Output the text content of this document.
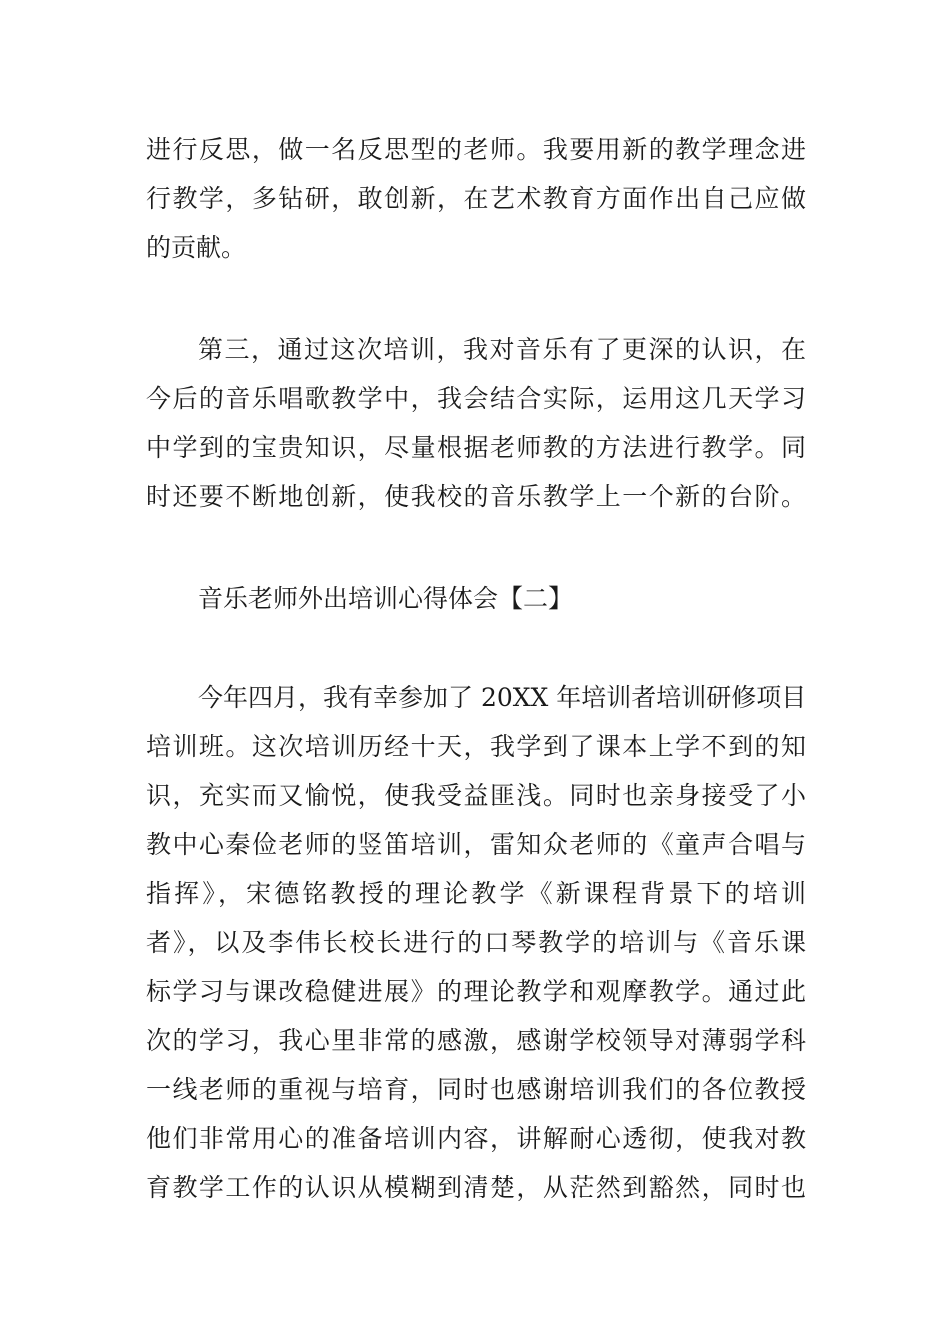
进行反思，做一名反思型的老师。我要用新的教学理念进
行教学，多钻研，敢创新，在艺术教育方面作出自己应做
的贡献。
第三，通过这次培训，我对音乐有了更深的认识，在
今后的音乐唱歌教学中，我会结合实际，运用这几天学习
中学到的宝贵知识，尽量根据老师教的方法进行教学。同
时还要不断地创新，使我校的音乐教学上一个新的台阶。
音乐老师外出培训心得体会【二】
今年四月，我有幸参加了 20XX 年培训者培训研修项目
培训班。这次培训历经十天，我学到了课本上学不到的知
识，充实而又愉悦，使我受益匪浅。同时也亲身接受了小
教中心秦俭老师的竖笛培训，雷知众老师的《童声合唱与
指挥》，宋德铭教授的理论教学《新课程背景下的培训
者》，以及李伟长校长进行的口琴教学的培训与《音乐课
标学习与课改稳健进展》的理论教学和观摩教学。通过此
次的学习，我心里非常的感激，感谢学校领导对薄弱学科
一线老师的重视与培育，同时也感谢培训我们的各位教授
他们非常用心的准备培训内容，讲解耐心透彻，使我对教
育教学工作的认识从模糊到清楚，从茫然到豁然，同时也
